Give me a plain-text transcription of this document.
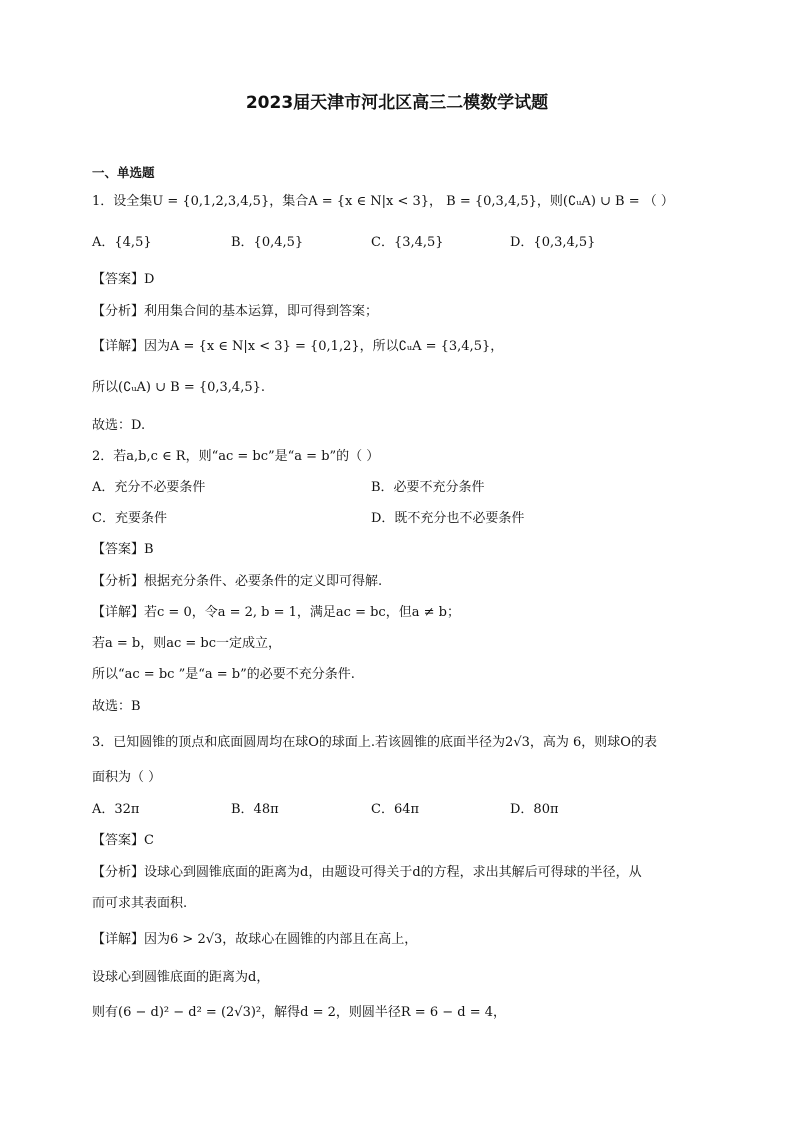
2023届天津市河北区高三二模数学试题
一、单选题
1．设全集U = {0,1,2,3,4,5}，集合A = {x ∈ N|x < 3}， B = {0,3,4,5}，则(∁ᵤA) ∪ B = （ ）
A．{4,5}	B．{0,4,5}	C．{3,4,5}	D．{0,3,4,5}
【答案】D
【分析】利用集合间的基本运算，即可得到答案；
【详解】因为A = {x ∈ N|x < 3} = {0,1,2}，所以∁ᵤA = {3,4,5}，
所以(∁ᵤA) ∪ B = {0,3,4,5}.
故选：D.
2．若a,b,c ∈ R，则“ac = bc”是“a = b”的（ ）
A．充分不必要条件	B．必要不充分条件
C．充要条件	D．既不充分也不必要条件
【答案】B
【分析】根据充分条件、必要条件的定义即可得解.
【详解】若c = 0，令a = 2, b = 1，满足ac = bc，但a ≠ b；
若a = b，则ac = bc一定成立，
所以“ac = bc ”是“a = b”的必要不充分条件.
故选：B
3．已知圆锥的顶点和底面圆周均在球O的球面上.若该圆锥的底面半径为2√3，高为 6，则球O的表
面积为（ ）
A．32π	B．48π	C．64π	D．80π
【答案】C
【分析】设球心到圆锥底面的距离为d，由题设可得关于d的方程，求出其解后可得球的半径，从
而可求其表面积.
【详解】因为6 > 2√3，故球心在圆锥的内部且在高上，
设球心到圆锥底面的距离为d，
则有(6 − d)² − d² = (2√3)²，解得d = 2，则圆半径R = 6 − d = 4，
